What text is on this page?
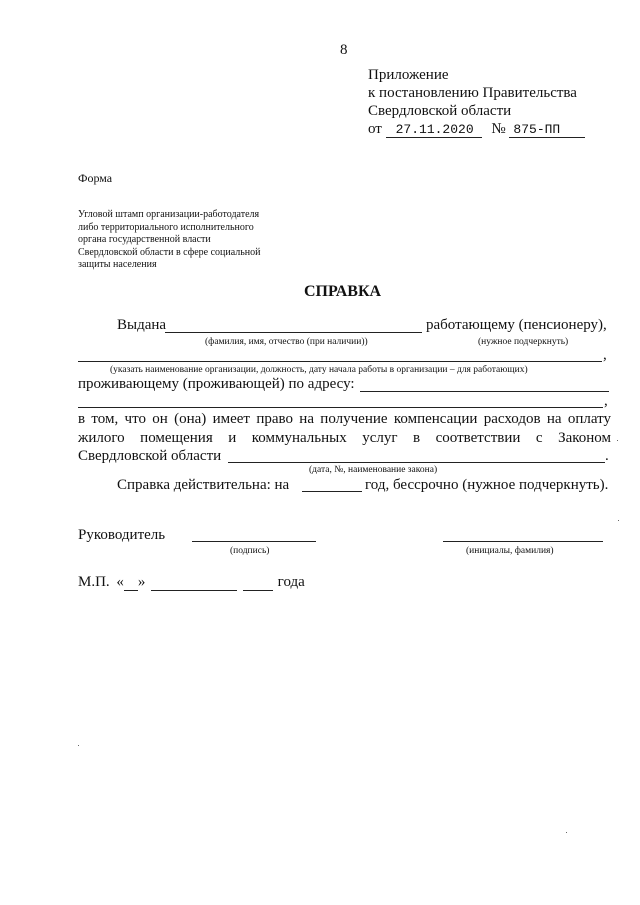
8
Приложение
к постановлению Правительства
Свердловской области
от 27.11.2020 № 875-ПП
Форма
Угловой штамп организации-работодателя
либо территориального исполнительного
органа государственной власти
Свердловской области в сфере социальной
защиты населения
СПРАВКА
Выдана	работающему (пенсионеру),
(фамилия, имя, отчество (при наличии))	(нужное подчеркнуть)
,
(указать наименование организации, должность, дату начала работы в организации – для работающих)
проживающему (проживающей) по адресу:
,
в том, что он (она) имеет право на получение компенсации расходов на оплату
жилого помещения и коммунальных услуг в соответствии с Законом
Свердловской области	.
(дата, №, наименование закона)
Справка действительна: на	год, бессрочно (нужное подчеркнуть).
Руководитель
(подпись)	(инициалы, фамилия)
М.П. « »	года
